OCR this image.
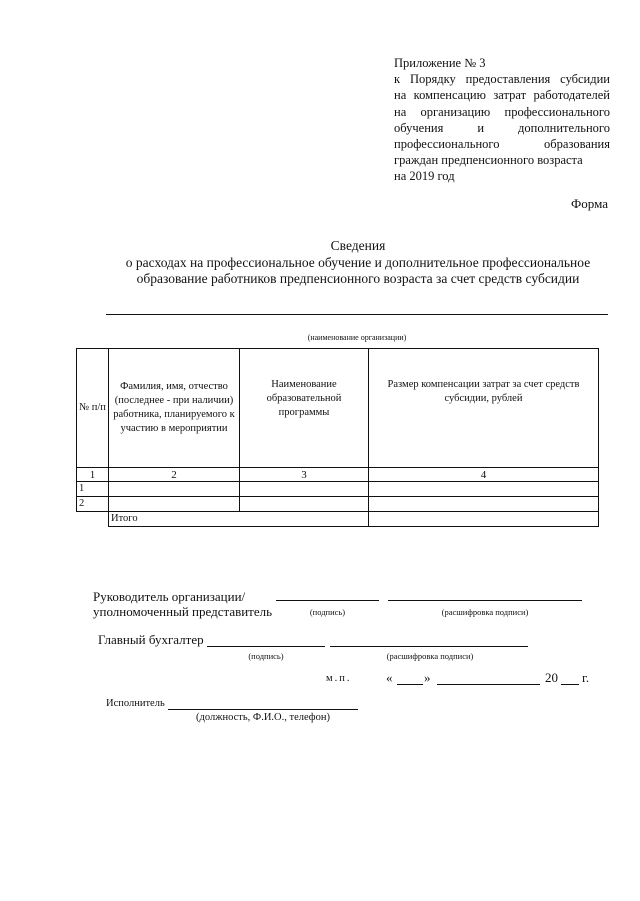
Приложение № 3
к Порядку предоставления субсидии
на компенсацию затрат работодателей
на организацию профессионального
обучения и дополнительного
профессионального образования
граждан предпенсионного возраста
на 2019 год
Форма
Сведения
о расходах на профессиональное обучение и дополнительное профессиональное
образование работников предпенсионного возраста за счет средств субсидии
(наименование организации)
№ п/п	Фамилия, имя, отчество (последнее - при наличии) работника, планируемого к участию в мероприятии	Наименование образовательной программы	Размер компенсации затрат за счет средств субсидии, рублей
1	2	3	4
1			
2			
	Итого		
Руководитель организации/
уполномоченный представитель	(подпись)	(расшифровка подписи)
Главный бухгалтер
(подпись)	(расшифровка подписи)
м.п.	« »	20 г.
Исполнитель
(должность, Ф.И.О., телефон)
